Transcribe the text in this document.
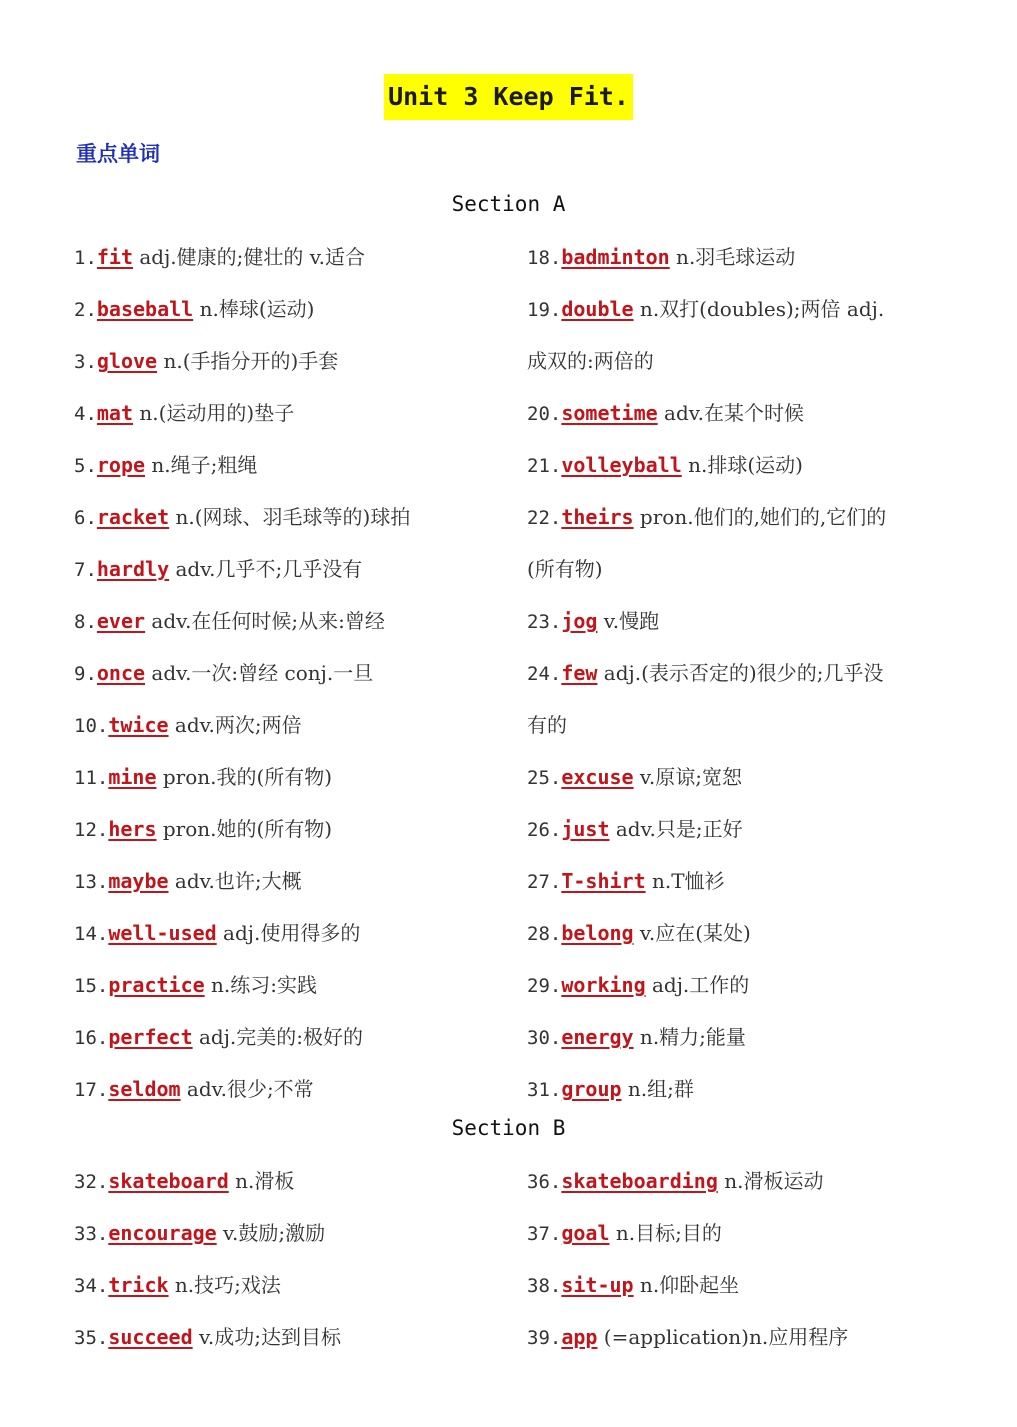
Unit 3 Keep Fit.
重点单词
Section A
1.fit adj.健康的;健壮的 v.适合
2.baseball n.棒球(运动)
3.glove n.(手指分开的)手套
4.mat n.(运动用的)垫子
5.rope n.绳子;粗绳
6.racket n.(网球、羽毛球等的)球拍
7.hardly adv.几乎不;几乎没有
8.ever adv.在任何时候;从来:曾经
9.once adv.一次:曾经 conj.一旦
10.twice adv.两次;两倍
11.mine pron.我的(所有物)
12.hers pron.她的(所有物)
13.maybe adv.也许;大概
14.well-used adj.使用得多的
15.practice n.练习:实践
16.perfect adj.完美的:极好的
17.seldom adv.很少;不常
18.badminton n.羽毛球运动
19.double n.双打(doubles);两倍 adj.
成双的:两倍的
20.sometime adv.在某个时候
21.volleyball n.排球(运动)
22.theirs pron.他们的,她们的,它们的
(所有物)
23.jog v.慢跑
24.few adj.(表示否定的)很少的;几乎没
有的
25.excuse v.原谅;宽恕
26.just adv.只是;正好
27.T-shirt n.T恤衫
28.belong v.应在(某处)
29.working adj.工作的
30.energy n.精力;能量
31.group n.组;群
Section B
32.skateboard n.滑板
33.encourage v.鼓励;激励
34.trick n.技巧;戏法
35.succeed v.成功;达到目标
36.skateboarding n.滑板运动
37.goal n.目标;目的
38.sit-up n.仰卧起坐
39.app (=application)n.应用程序
